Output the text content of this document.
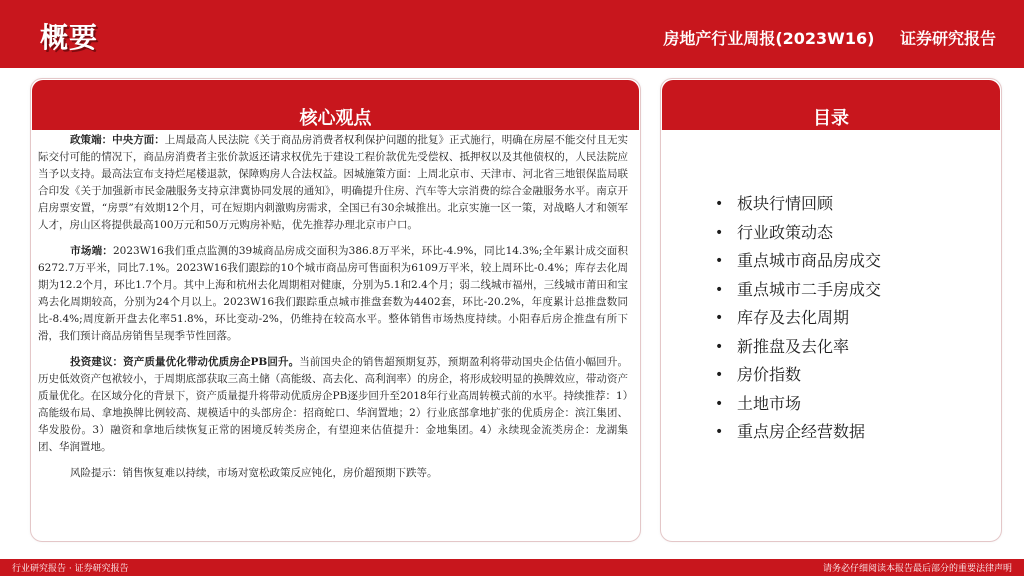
概要	房地产行业周报(2023W16) 证券研究报告
核心观点

政策端：中央方面：上周最高人民法院《关于商品房消费者权利保护问题的批复》正式施行，明确在房屋不能交付且无实际交付可能的情况下，商品房消费者主张价款返还请求权优先于建设工程价款优先受偿权、抵押权以及其他债权的，人民法院应当予以支持。最高法宣布支持烂尾楼退款，保障购房人合法权益。因城施策方面：上周北京市、天津市、河北省三地银保监局联合印发《关于加强新市民金融服务支持京津冀协同发展的通知》，明确提升住房、汽车等大宗消费的综合金融服务水平。南京开启房票安置，“房票”有效期12个月，可在短期内刺激购房需求，全国已有30余城推出。北京实施一区一策，对战略人才和领军人才，房山区将提供最高100万元和50万元购房补贴，优先推荐办理北京市户口。

市场端：2023W16我们重点监测的39城商品房成交面积为386.8万平米，环比-4.9%，同比14.3%;全年累计成交面积6272.7万平米，同比7.1%。2023W16我们跟踪的10个城市商品房可售面积为6109万平米，较上周环比-0.4%；库存去化周期为12.2个月，环比1.7个月。其中上海和杭州去化周期相对健康，分别为5.1和2.4个月；弱二线城市福州，三线城市莆田和宝鸡去化周期较高，分别为24个月以上。2023W16我们跟踪重点城市推盘套数为4402套，环比-20.2%，年度累计总推盘数同比-8.4%;周度新开盘去化率51.8%，环比变动-2%，仍维持在较高水平。整体销售市场热度持续。小阳春后房企推盘有所下滑，我们预计商品房销售呈现季节性回落。

投资建议：资产质量优化带动优质房企PB回升。当前国央企的销售超预期复苏，预期盈利将带动国央企估值小幅回升。历史低效资产包袱较小，于周期底部获取三高土储（高能级、高去化、高利润率）的房企，将形成较明显的换牌效应，带动资产质量优化。在区域分化的背景下，资产质量提升将带动优质房企PB逐步回升至2018年行业高周转模式前的水平。持续推荐：1）高能级布局、拿地换牌比例较高、规模适中的头部房企：招商蛇口、华润置地；2）行业底部拿地扩张的优质房企：滨江集团、华发股份。3）融资和拿地后续恢复正常的困境反转类房企，有望迎来估值提升：金地集团。4）永续现金流类房企：龙湖集团、华润置地。

风险提示：销售恢复难以持续，市场对宽松政策反应钝化，房价超预期下跌等。

目录
• 板块行情回顾
• 行业政策动态
• 重点城市商品房成交
• 重点城市二手房成交
• 库存及去化周期
• 新推盘及去化率
• 房价指数
• 土地市场
• 重点房企经营数据
行业研究报告 · 证券研究报告	请务必仔细阅读本报告最后部分的重要法律声明
